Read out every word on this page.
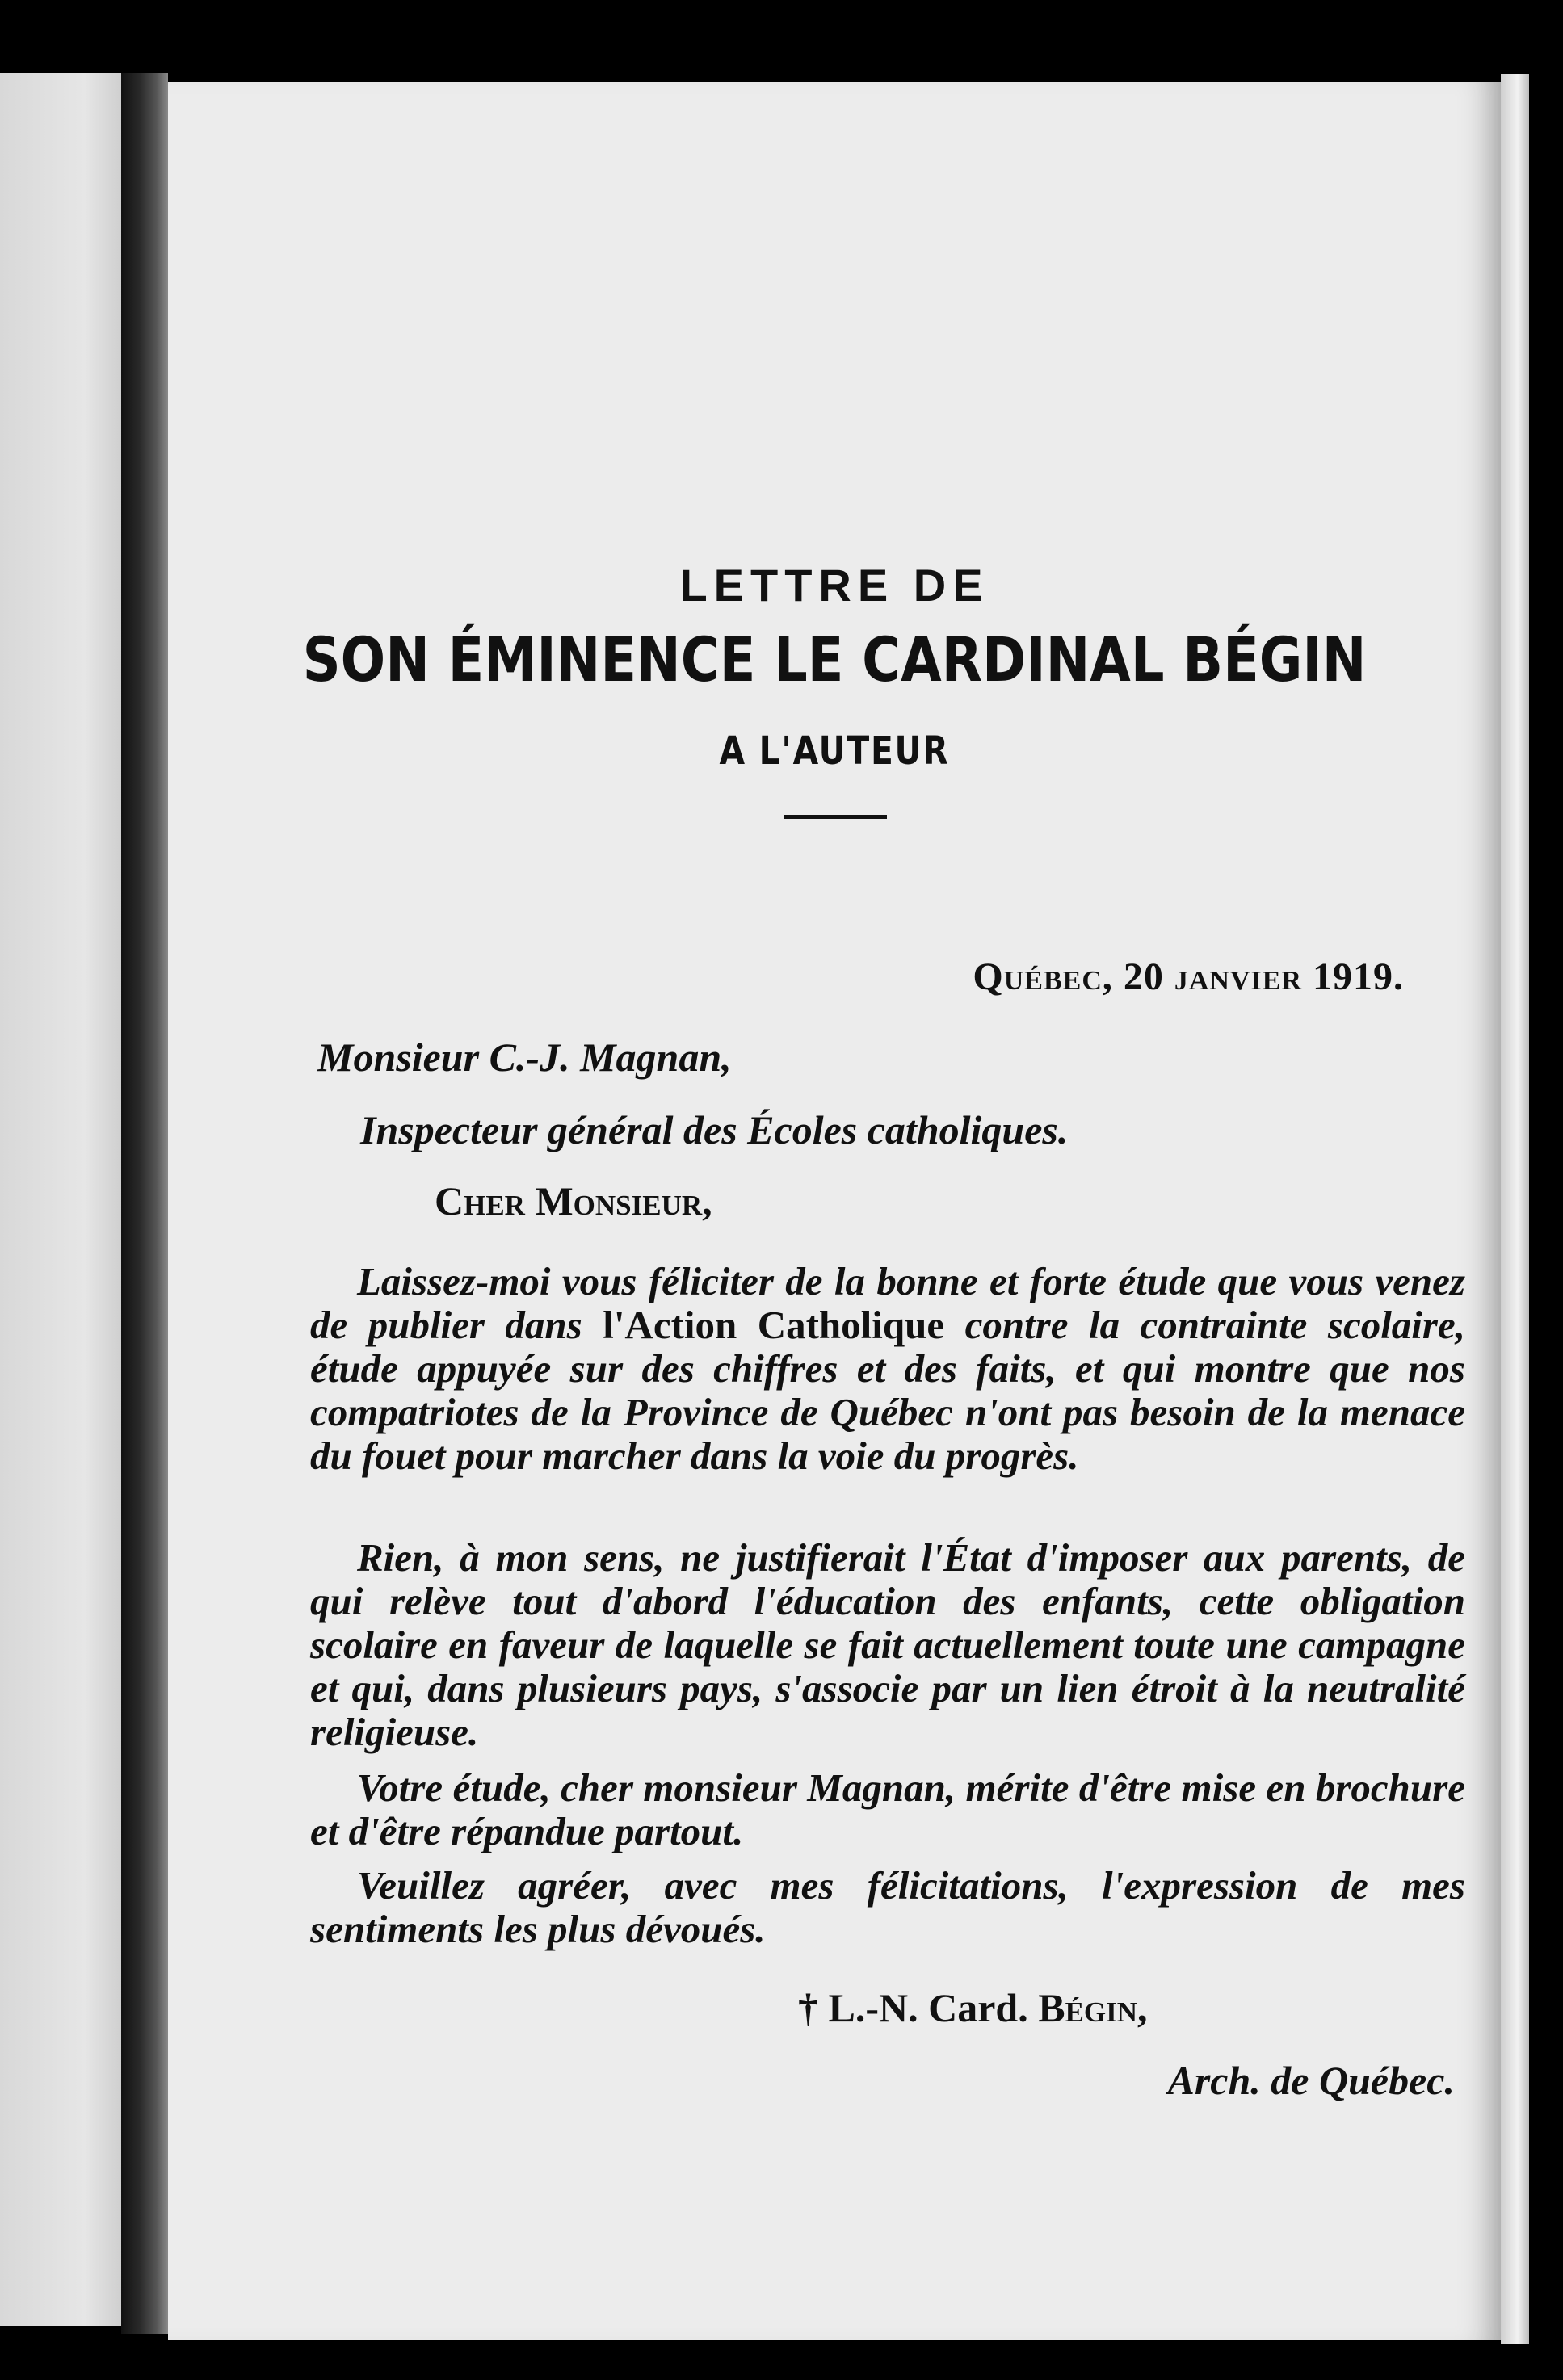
LETTRE DE
SON ÉMINENCE LE CARDINAL BÉGIN
A L'AUTEUR
Québec, 20 janvier 1919.
Monsieur C.-J. Magnan,
Inspecteur général des Écoles catholiques.
Cher Monsieur,

Laissez-moi vous féliciter de la bonne et forte étude que vous venez de publier dans l'Action Catholique contre la contrainte scolaire, étude appuyée sur des chiffres et des faits, et qui montre que nos compatriotes de la Province de Québec n'ont pas besoin de la menace du fouet pour marcher dans la voie du progrès.

Rien, à mon sens, ne justifierait l'État d'imposer aux parents, de qui relève tout d'abord l'éducation des enfants, cette obligation scolaire en faveur de laquelle se fait actuellement toute une campagne et qui, dans plusieurs pays, s'associe par un lien étroit à la neutralité religieuse.

Votre étude, cher monsieur Magnan, mérite d'être mise en brochure et d'être répandue partout.

Veuillez agréer, avec mes félicitations, l'expression de mes sentiments les plus dévoués.

† L.-N. Card. Bégin,
Arch. de Québec.
